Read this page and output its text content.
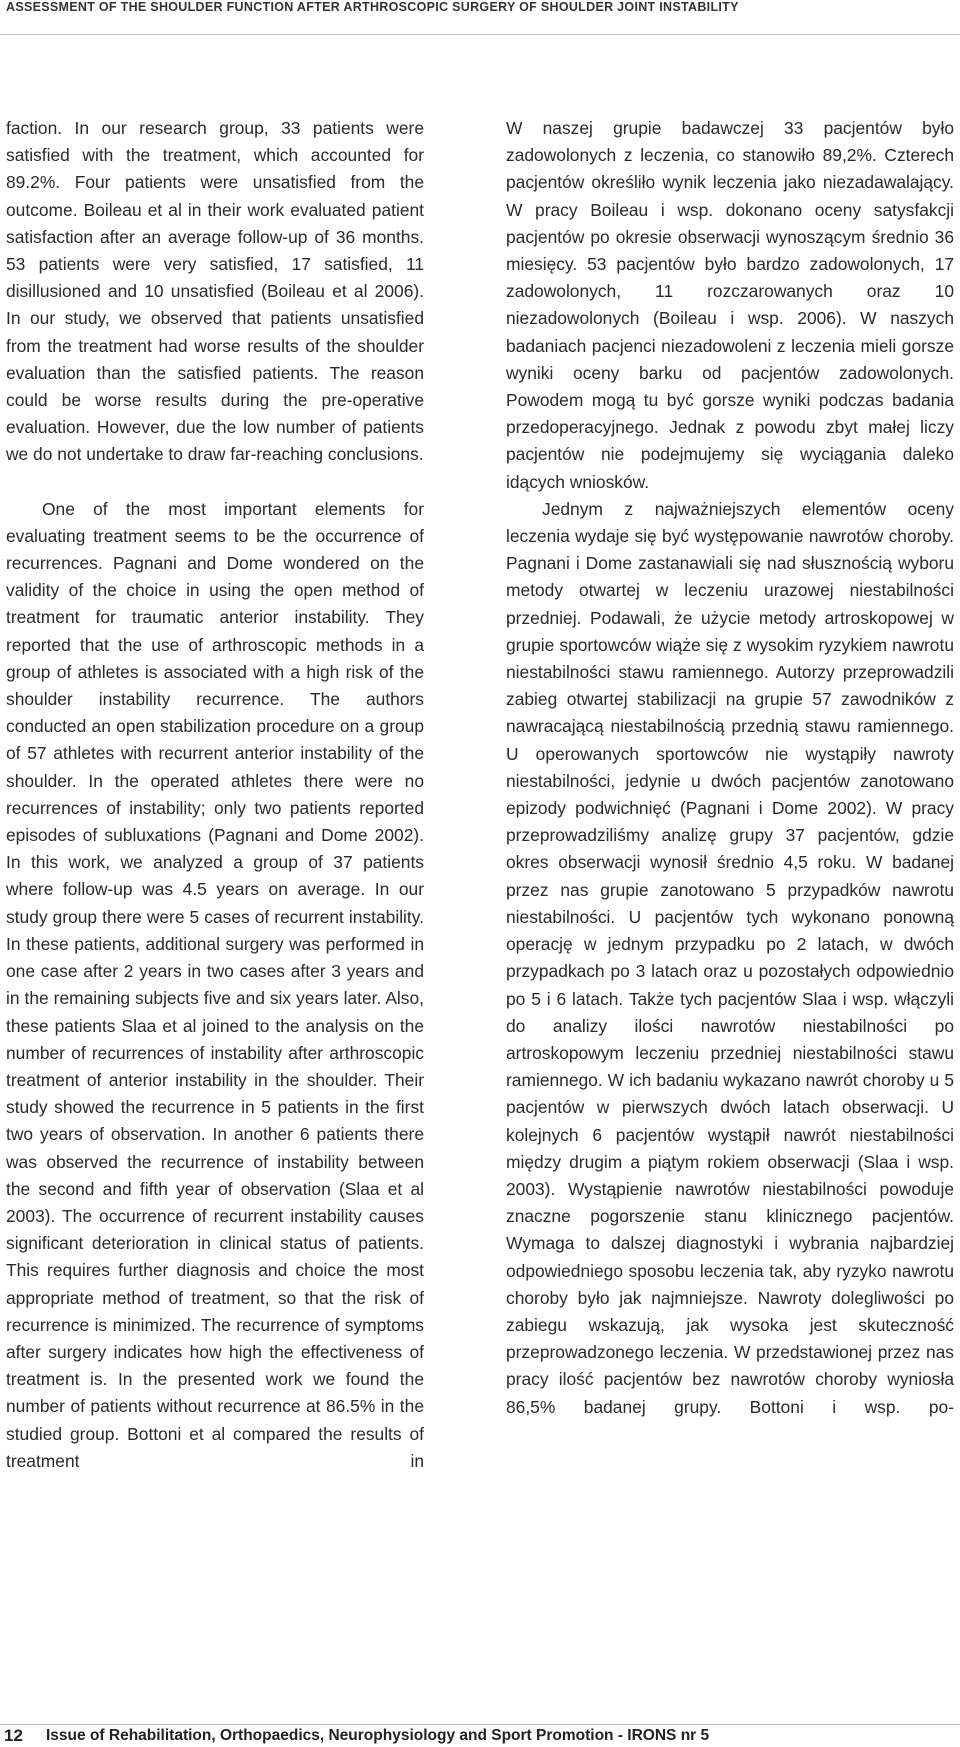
ASSESSMENT OF THE SHOULDER FUNCTION AFTER ARTHROSCOPIC SURGERY OF SHOULDER JOINT INSTABILITY

faction. In our research group, 33 patients were satisfied with the treatment, which accounted for 89.2%. Four patients were unsatisfied from the outcome. Boileau et al in their work evaluated patient satisfaction after an average follow-up of 36 months. 53 patients were very satisfied, 17 satisfied, 11 disillusioned and 10 unsatisfied (Boileau et al 2006). In our study, we observed that patients unsatisfied from the treatment had worse results of the shoulder evaluation than the satisfied patients. The reason could be worse results during the pre-operative evaluation. However, due the low number of patients we do not undertake to draw far-reaching conclusions.

One of the most important elements for evaluating treatment seems to be the occurrence of recurrences. Pagnani and Dome wondered on the validity of the choice in using the open method of treatment for traumatic anterior instability. They reported that the use of arthroscopic methods in a group of athletes is associated with a high risk of the shoulder instability recurrence. The authors conducted an open stabilization procedure on a group of 57 athletes with recurrent anterior instability of the shoulder. In the operated athletes there were no recurrences of instability; only two patients reported episodes of subluxations (Pagnani and Dome 2002). In this work, we analyzed a group of 37 patients where follow-up was 4.5 years on average. In our study group there were 5 cases of recurrent instability. In these patients, additional surgery was performed in one case after 2 years in two cases after 3 years and in the remaining subjects five and six years later. Also, these patients Slaa et al joined to the analysis on the number of recurrences of instability after arthroscopic treatment of anterior instability in the shoulder. Their study showed the recurrence in 5 patients in the first two years of observation. In another 6 patients there was observed the recurrence of instability between the second and fifth year of observation (Slaa et al 2003). The occurrence of recurrent instability causes significant deterioration in clinical status of patients. This requires further diagnosis and choice the most appropriate method of treatment, so that the risk of recurrence is minimized. The recurrence of symptoms after surgery indicates how high the effectiveness of treatment is. In the presented work we found the number of patients without recurrence at 86.5% in the studied group. Bottoni et al compared the results of treatment in

W naszej grupie badawczej 33 pacjentów było zadowolonych z leczenia, co stanowiło 89,2%. Czterech pacjentów określiło wynik leczenia jako niezadawalający. W pracy Boileau i wsp. dokonano oceny satysfakcji pacjentów po okresie obserwacji wynoszącym średnio 36 miesięcy. 53 pacjentów było bardzo zadowolonych, 17 zadowolonych, 11 rozczarowanych oraz 10 niezadowolonych (Boileau i wsp. 2006). W naszych badaniach pacjenci niezadowoleni z leczenia mieli gorsze wyniki oceny barku od pacjentów zadowolonych. Powodem mogą tu być gorsze wyniki podczas badania przedoperacyjnego. Jednak z powodu zbyt małej liczy pacjentów nie podejmujemy się wyciągania daleko idących wniosków.

Jednym z najważniejszych elementów oceny leczenia wydaje się być występowanie nawrotów choroby. Pagnani i Dome zastanawiali się nad słusznością wyboru metody otwartej w leczeniu urazowej niestabilności przedniej. Podawali, że użycie metody artroskopowej w grupie sportowców wiąże się z wysokim ryzykiem nawrotu niestabilności stawu ramiennego. Autorzy przeprowadzili zabieg otwartej stabilizacji na grupie 57 zawodników z nawracającą niestabilnością przednią stawu ramiennego. U operowanych sportowców nie wystąpiły nawroty niestabilności, jedynie u dwóch pacjentów zanotowano epizody podwichnięć (Pagnani i Dome 2002). W pracy przeprowadziliśmy analizę grupy 37 pacjentów, gdzie okres obserwacji wynosił średnio 4,5 roku. W badanej przez nas grupie zanotowano 5 przypadków nawrotu niestabilności. U pacjentów tych wykonano ponowną operację w jednym przypadku po 2 latach, w dwóch przypadkach po 3 latach oraz u pozostałych odpowiednio po 5 i 6 latach. Także tych pacjentów Slaa i wsp. włączyli do analizy ilości nawrotów niestabilności po artroskopowym leczeniu przedniej niestabilności stawu ramiennego. W ich badaniu wykazano nawrót choroby u 5 pacjentów w pierwszych dwóch latach obserwacji. U kolejnych 6 pacjentów wystąpił nawrót niestabilności między drugim a piątym rokiem obserwacji (Slaa i wsp. 2003). Wystąpienie nawrotów niestabilności powoduje znaczne pogorszenie stanu klinicznego pacjentów. Wymaga to dalszej diagnostyki i wybrania najbardziej odpowiedniego sposobu leczenia tak, aby ryzyko nawrotu choroby było jak najmniejsze. Nawroty dolegliwości po zabiegu wskazują, jak wysoka jest skuteczność przeprowadzonego leczenia. W przedstawionej przez nas pracy ilość pacjentów bez nawrotów choroby wyniosła 86,5% badanej grupy. Bottoni i wsp. po-

12 Issue of Rehabilitation, Orthopaedics, Neurophysiology and Sport Promotion - IRONS nr 5
